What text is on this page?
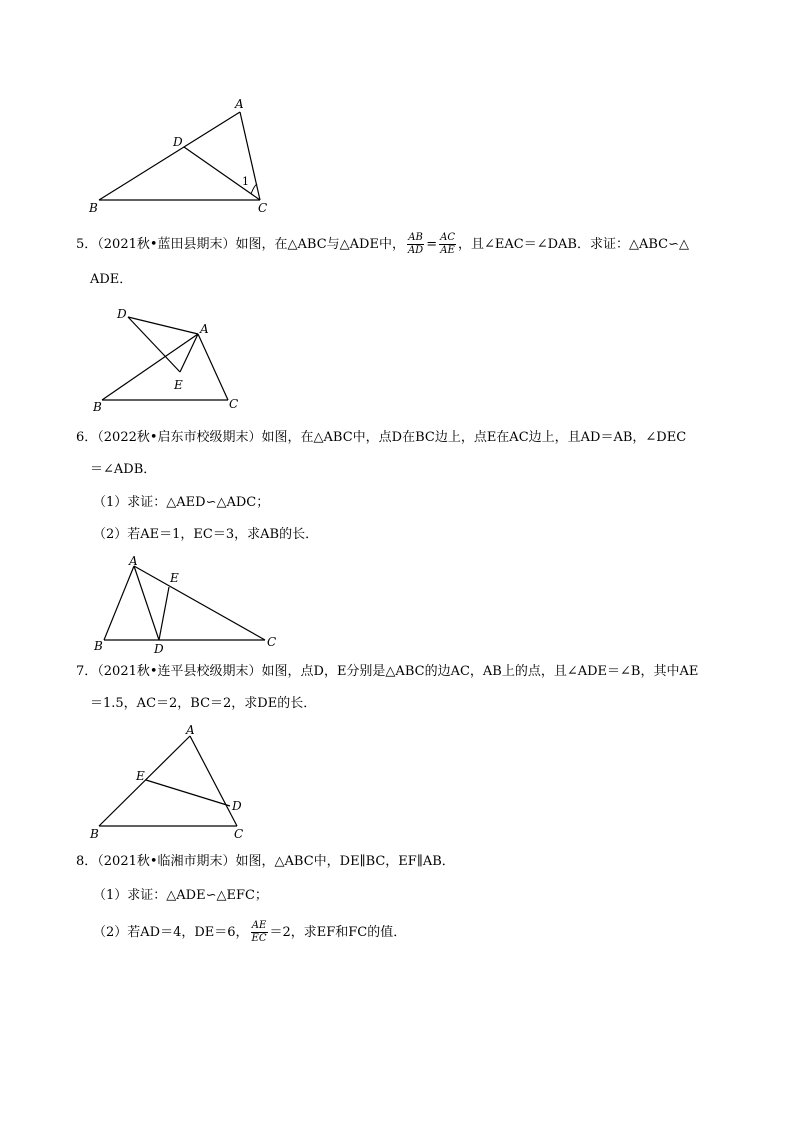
A
D
1
B	C
5．（2021秋•蓝田县期末）如图，在△ABC与△ADE中， $\frac{AB}{AD} = \frac{AC}{AE}$ ，且∠EAC＝∠DAB．求证：△ABC∽△
ADE．
D
A
E
B	C
6．（2022秋•启东市校级期末）如图，在△ABC中，点D在BC边上，点E在AC边上，且AD＝AB，∠DEC
＝∠ADB．
（1）求证：△AED∽△ADC；
（2）若AE＝1，EC＝3，求AB的长．
A
E
B	D	C
7．（2021秋•连平县校级期末）如图，点D，E分别是△ABC的边AC，AB上的点，且∠ADE＝∠B，其中AE
＝1.5，AC＝2，BC＝2，求DE的长．
A
E
D
B	C
8．（2021秋•临湘市期末）如图，△ABC中，DE∥BC，EF∥AB．
（1）求证：△ADE∽△EFC；
（2）若AD＝4，DE＝6， $\frac{AE}{EC} =2$，求EF和FC的值．
